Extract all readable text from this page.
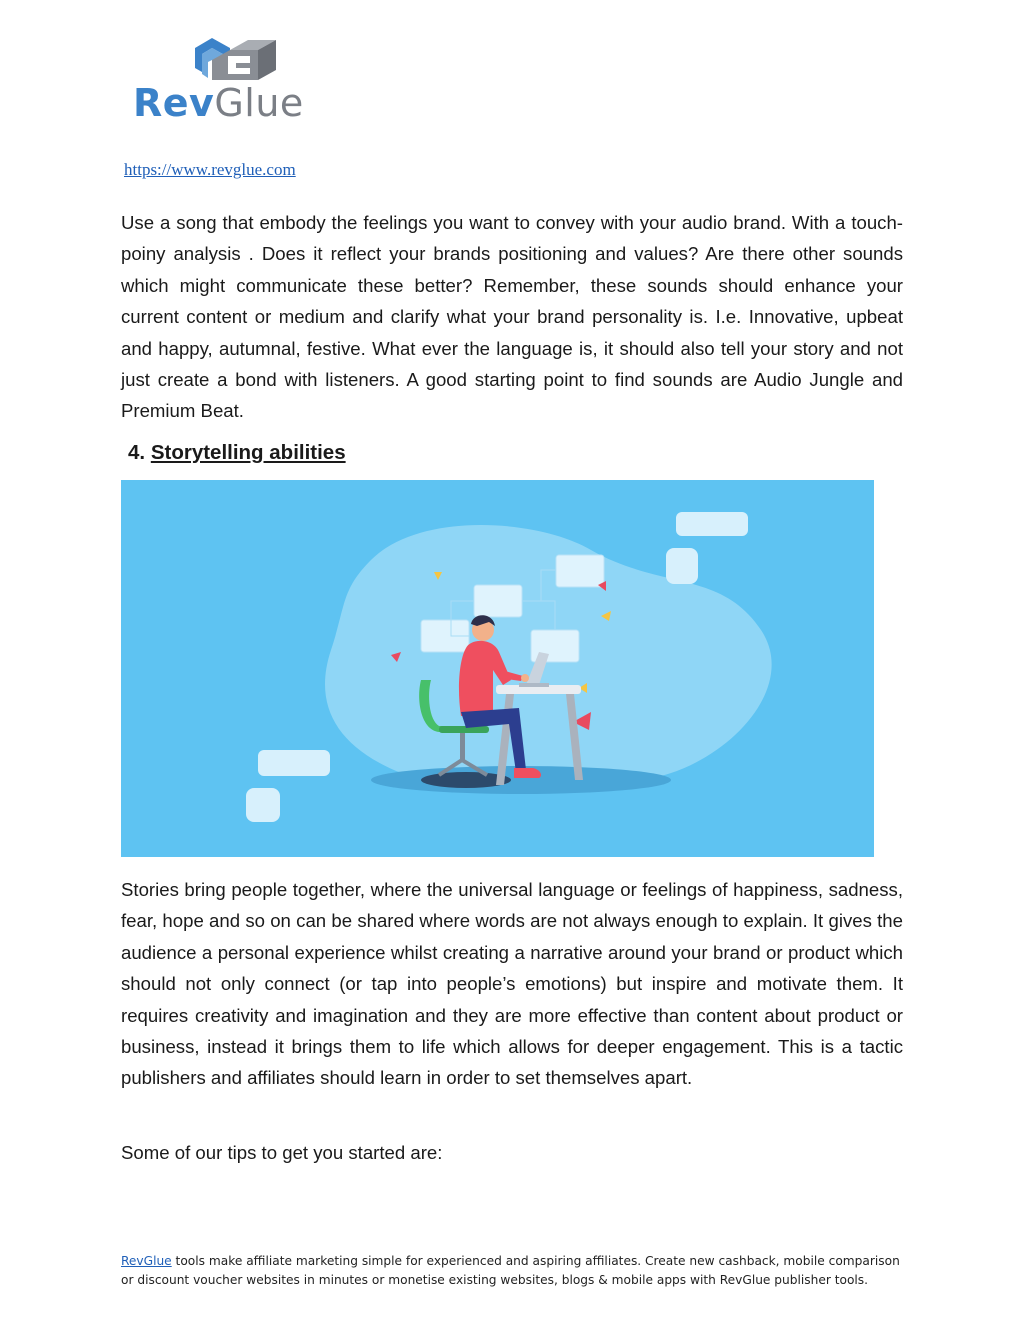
RevGlue
https://www.revglue.com

Use a song that embody the feelings you want to convey with your audio brand. With a touch-poiny analysis . Does it reflect your brands positioning and values? Are there other sounds which might communicate these better? Remember, these sounds should enhance your current content or medium and clarify what your brand personality is. I.e. Innovative, upbeat and happy, autumnal, festive. What ever the language is, it should also tell your story and not just create a bond with listeners. A good starting point to find sounds are Audio Jungle and Premium Beat.

4. Storytelling abilities

Stories bring people together, where the universal language or feelings of happiness, sadness, fear, hope and so on can be shared where words are not always enough to explain. It gives the audience a personal experience whilst creating a narrative around your brand or product which should not only connect (or tap into people’s emotions) but inspire and motivate them. It requires creativity and imagination and they are more effective than content about product or business, instead it brings them to life which allows for deeper engagement. This is a tactic publishers and affiliates should learn in order to set themselves apart.

Some of our tips to get you started are:

RevGlue tools make affiliate marketing simple for experienced and aspiring affiliates. Create new cashback, mobile comparison or discount voucher websites in minutes or monetise existing websites, blogs & mobile apps with RevGlue publisher tools.
